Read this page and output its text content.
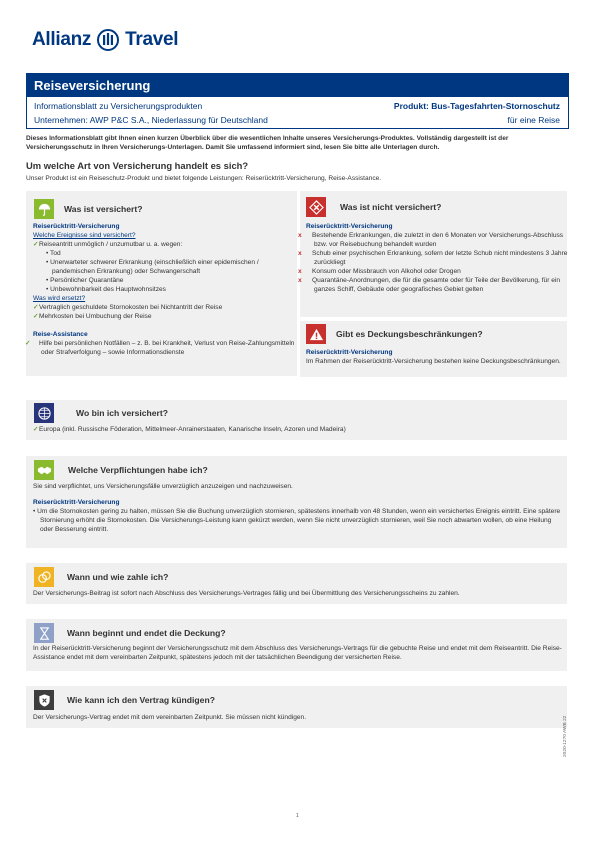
Allianz Travel
Reiseversicherung
Informationsblatt zu Versicherungsprodukten
Unternehmen: AWP P&C S.A., Niederlassung für Deutschland
Produkt: Bus-Tagesfahrten-Stornoschutz
für eine Reise
Dieses Informationsblatt gibt Ihnen einen kurzen Überblick über die wesentlichen Inhalte unseres Versicherungs-Produktes. Vollständig dargestellt ist der Versicherungsschutz in Ihren Versicherungs-Unterlagen. Damit Sie umfassend informiert sind, lesen Sie bitte alle Unterlagen durch.
Um welche Art von Versicherung handelt es sich?
Unser Produkt ist ein Reiseschutz-Produkt und bietet folgende Leistungen: Reiserücktritt-Versicherung, Reise-Assistance.
Was ist versichert?
Reiserücktritt-Versicherung
Welche Ereignisse sind versichert?
✓Reiseantritt unmöglich / unzumutbar u. a. wegen:
• Tod
• Unerwarteter schwerer Erkrankung (einschließlich einer epidemischen / pandemischen Erkrankung) oder Schwangerschaft
• Persönlicher Quarantäne
• Unbewohnbarkeit des Hauptwohnsitzes
Was wird ersetzt?
✓Vertraglich geschuldete Stornokosten bei Nichtantritt der Reise
✓Mehrkosten bei Umbuchung der Reise
Reise-Assistance
✓ Hilfe bei persönlichen Notfällen – z. B. bei Krankheit, Verlust von Reise-Zahlungsmitteln oder Strafverfolgung – sowie Informationsdienste
Was ist nicht versichert?
Reiserücktritt-Versicherung
x Bestehende Erkrankungen, die zuletzt in den 6 Monaten vor Versicherungs-Abschluss bzw. vor Reisebuchung behandelt wurden
x Schub einer psychischen Erkrankung, sofern der letzte Schub nicht mindestens 3 Jahre zurückliegt
x Konsum oder Missbrauch von Alkohol oder Drogen
x Quarantäne-Anordnungen, die für die gesamte oder für Teile der Bevölkerung, für ein ganzes Schiff, Gebäude oder geografisches Gebiet gelten
Gibt es Deckungsbeschränkungen?
Reiserücktritt-Versicherung
Im Rahmen der Reiserücktritt-Versicherung bestehen keine Deckungsbeschränkungen.
Wo bin ich versichert?
✓Europa (inkl. Russische Föderation, Mittelmeer-Anrainerstaaten, Kanarische Inseln, Azoren und Madeira)
Welche Verpflichtungen habe ich?
Sie sind verpflichtet, uns Versicherungsfälle unverzüglich anzuzeigen und nachzuweisen.
Reiserücktritt-Versicherung
• Um die Stornokosten gering zu halten, müssen Sie die Buchung unverzüglich stornieren, spätestens innerhalb von 48 Stunden, wenn ein versichertes Ereignis eintritt. Eine spätere Stornierung erhöht die Stornokosten. Die Versicherungs-Leistung kann gekürzt werden, wenn Sie nicht unverzüglich stornieren, weil Sie noch abwarten wollen, ob eine Heilung oder Besserung eintritt.
Wann und wie zahle ich?
Der Versicherungs-Beitrag ist sofort nach Abschluss des Versicherungs-Vertrages fällig und bei Übermittlung des Versicherungsscheins zu zahlen.
Wann beginnt und endet die Deckung?
In der Reiserücktritt-Versicherung beginnt der Versicherungsschutz mit dem Abschluss des Versicherungs-Vertrags für die gebuchte Reise und endet mit dem Reiseantritt. Die Reise-Assistance endet mit dem vereinbarten Zeitpunkt, spätestens jedoch mit der tatsächlichen Beendigung der versicherten Reise.
Wie kann ich den Vertrag kündigen?
Der Versicherungs-Vertrag endet mit dem vereinbarten Zeitpunkt. Sie müssen nicht kündigen.
1
2020-1270 AWB 22
